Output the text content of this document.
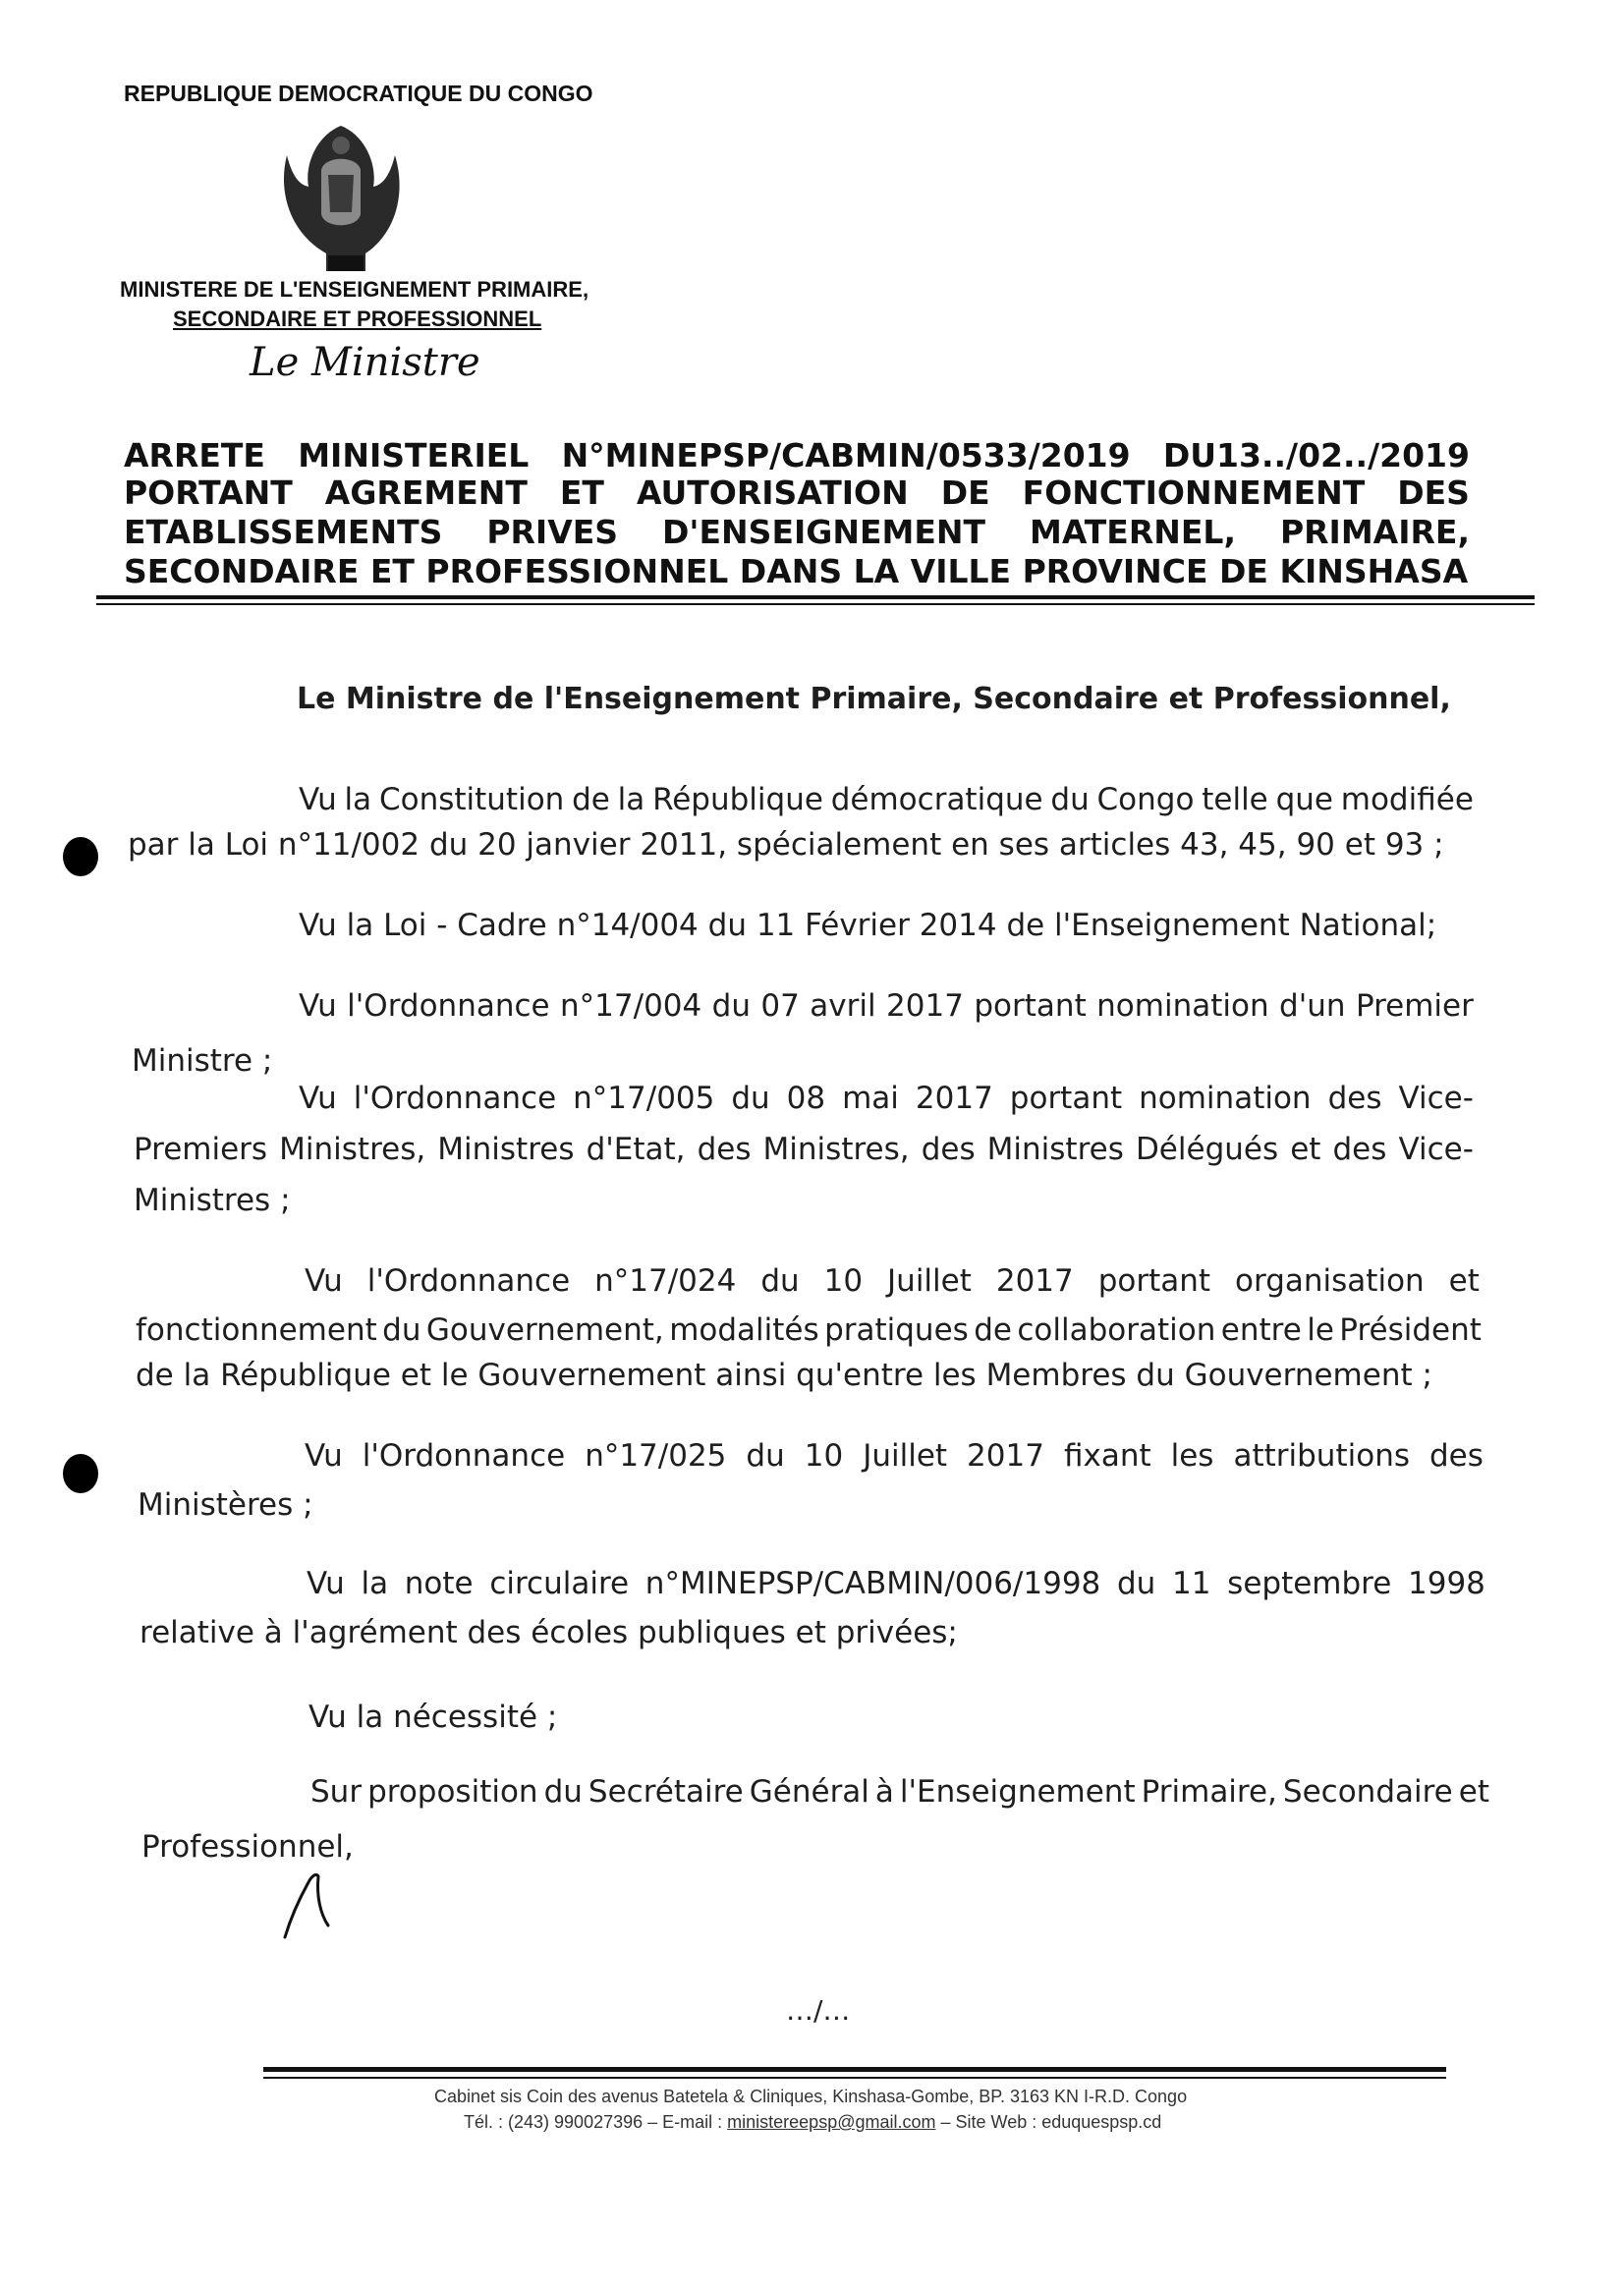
REPUBLIQUE DEMOCRATIQUE DU CONGO
MINISTERE DE L'ENSEIGNEMENT PRIMAIRE,
SECONDAIRE ET PROFESSIONNEL
Le Ministre
ARRETE MINISTERIEL N°MINEPSP/CABMIN/0533/2019 DU13../02../2019
PORTANT AGREMENT ET AUTORISATION DE FONCTIONNEMENT DES
ETABLISSEMENTS PRIVES D'ENSEIGNEMENT MATERNEL, PRIMAIRE,
SECONDAIRE ET PROFESSIONNEL DANS LA VILLE PROVINCE DE KINSHASA
Le Ministre de l'Enseignement Primaire, Secondaire et Professionnel,
Vu la Constitution de la République démocratique du Congo telle que modifiée
par la Loi n°11/002 du 20 janvier 2011, spécialement en ses articles 43, 45, 90 et 93 ;
Vu la Loi - Cadre n°14/004 du 11 Février 2014 de l'Enseignement National;
Vu l'Ordonnance n°17/004 du 07 avril 2017 portant nomination d'un Premier
Ministre ;
Vu l'Ordonnance n°17/005 du 08 mai 2017 portant nomination des Vice-
Premiers Ministres, Ministres d'Etat, des Ministres, des Ministres Délégués et des Vice-
Ministres ;
Vu l'Ordonnance n°17/024 du 10 Juillet 2017 portant organisation et
fonctionnement du Gouvernement, modalités pratiques de collaboration entre le Président
de la République et le Gouvernement ainsi qu'entre les Membres du Gouvernement ;
Vu l'Ordonnance n°17/025 du 10 Juillet 2017 fixant les attributions des
Ministères ;
Vu la note circulaire n°MINEPSP/CABMIN/006/1998 du 11 septembre 1998
relative à l'agrément des écoles publiques et privées;
Vu la nécessité ;
Sur proposition du Secrétaire Général à l'Enseignement Primaire, Secondaire et
Professionnel,
…/…
Cabinet sis Coin des avenus Batetela & Cliniques, Kinshasa-Gombe, BP. 3163 KN I-R.D. Congo
Tél. : (243) 990027396 – E-mail : ministereepsp@gmail.com – Site Web : eduquespsp.cd
